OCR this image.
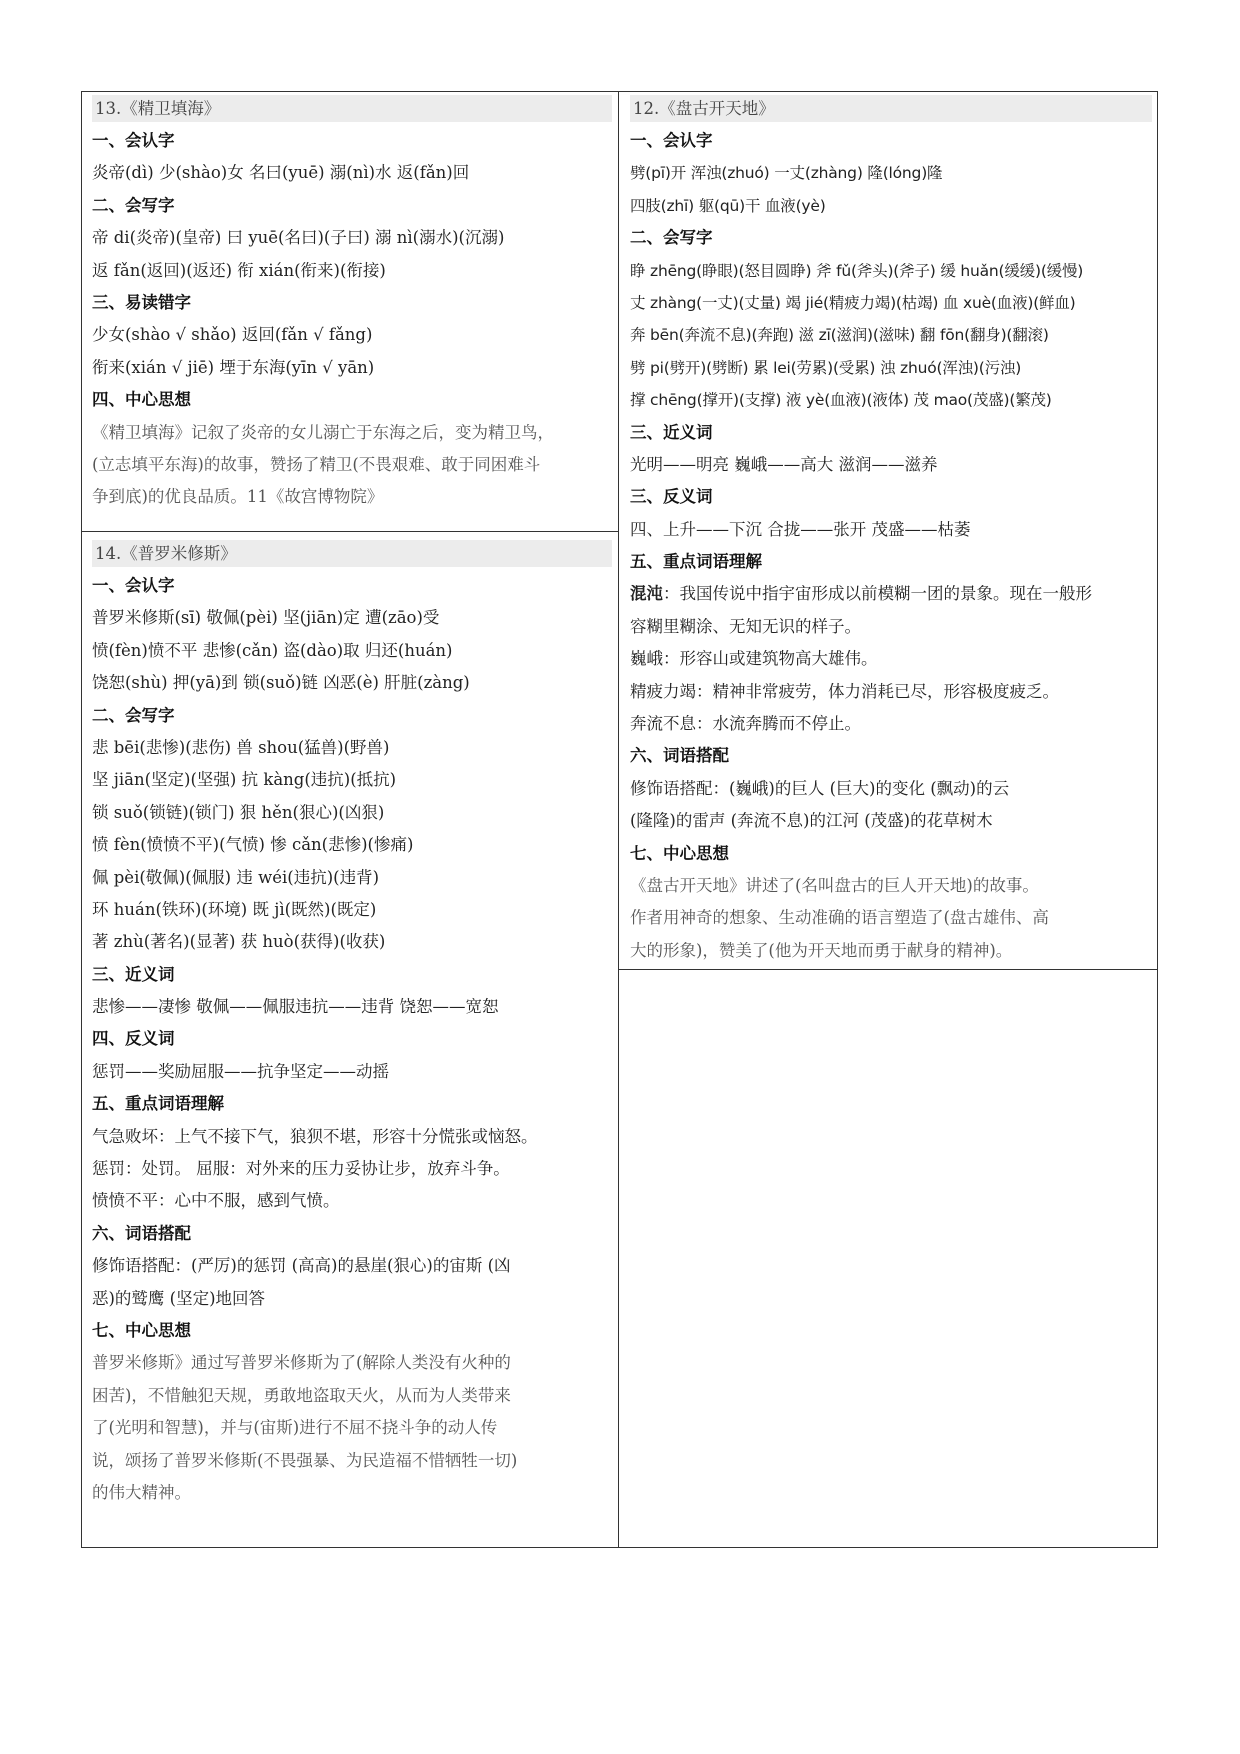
13.《精卫填海》
一、会认字
炎帝(dì) 少(shào)女 名曰(yuē) 溺(nì)水 返(fǎn)回
二、会写字
帝 di(炎帝)(皇帝) 曰 yuē(名曰)(子曰) 溺 nì(溺水)(沉溺)
返 fǎn(返回)(返还) 衔 xián(衔来)(衔接)
三、易读错字
少女(shào √ shǎo) 返回(fǎn √ fǎng)
衔来(xián √ jiē) 堙于东海(yīn √ yān)
四、中心思想
《精卫填海》记叙了炎帝的女儿溺亡于东海之后，变为精卫鸟，
(立志填平东海)的故事，赞扬了精卫(不畏艰难、敢于同困难斗
争到底)的优良品质。11《故宫博物院》
14.《普罗米修斯》
一、会认字
普罗米修斯(sī) 敬佩(pèi) 坚(jiān)定 遭(zāo)受
愤(fèn)愤不平 悲惨(cǎn) 盗(dào)取 归还(huán)
饶恕(shù) 押(yā)到 锁(suǒ)链 凶恶(è) 肝脏(zàng)
二、会写字
悲 bēi(悲惨)(悲伤) 兽 shou(猛兽)(野兽)
坚 jiān(坚定)(坚强) 抗 kàng(违抗)(抵抗)
锁 suǒ(锁链)(锁门) 狠 hěn(狠心)(凶狠)
愤 fèn(愤愤不平)(气愤) 惨 cǎn(悲惨)(惨痛)
佩 pèi(敬佩)(佩服) 违 wéi(违抗)(违背)
环 huán(铁环)(环境) 既 jì(既然)(既定)
著 zhù(著名)(显著) 获 huò(获得)(收获)
三、近义词
悲惨——凄惨 敬佩——佩服违抗——违背 饶恕——宽恕
四、反义词
惩罚——奖励屈服——抗争坚定——动摇
五、重点词语理解
气急败坏：上气不接下气，狼狈不堪，形容十分慌张或恼怒。
惩罚：处罚。 屈服：对外来的压力妥协让步，放弃斗争。
愤愤不平：心中不服，感到气愤。
六、词语搭配
修饰语搭配：(严厉)的惩罚 (高高)的悬崖(狠心)的宙斯 (凶
恶)的鹫鹰 (坚定)地回答
七、中心思想
普罗米修斯》通过写普罗米修斯为了(解除人类没有火种的
困苦)，不惜触犯天规，勇敢地盗取天火，从而为人类带来
了(光明和智慧)，并与(宙斯)进行不屈不挠斗争的动人传
说，颂扬了普罗米修斯(不畏强暴、为民造福不惜牺牲一切)
的伟大精神。
12.《盘古开天地》
一、会认字
劈(pī)开 浑浊(zhuó) 一丈(zhàng) 隆(lóng)隆
四肢(zhī) 躯(qū)干 血液(yè)
二、会写字
睁 zhēng(睁眼)(怒目圆睁) 斧 fǔ(斧头)(斧子) 缓 huǎn(缓缓)(缓慢)
丈 zhàng(一丈)(丈量) 竭 jié(精疲力竭)(枯竭) 血 xuè(血液)(鲜血)
奔 bēn(奔流不息)(奔跑) 滋 zī(滋润)(滋味) 翻 fōn(翻身)(翻滚)
劈 pi(劈开)(劈断) 累 lei(劳累)(受累) 浊 zhuó(浑浊)(污浊)
撑 chēng(撑开)(支撑) 液 yè(血液)(液体) 茂 mao(茂盛)(繁茂)
三、近义词
光明——明亮 巍峨——高大 滋润——滋养
三、反义词
四、上升——下沉 合拢——张开 茂盛——枯萎
五、重点词语理解
混沌：我国传说中指宇宙形成以前模糊一团的景象。现在一般形
容糊里糊涂、无知无识的样子。
巍峨：形容山或建筑物高大雄伟。
精疲力竭：精神非常疲劳，体力消耗已尽，形容极度疲乏。
奔流不息：水流奔腾而不停止。
六、词语搭配
修饰语搭配：(巍峨)的巨人 (巨大)的变化 (飘动)的云
(隆隆)的雷声 (奔流不息)的江河 (茂盛)的花草树木
七、中心思想
《盘古开天地》讲述了(名叫盘古的巨人开天地)的故事。
作者用神奇的想象、生动准确的语言塑造了(盘古雄伟、高
大的形象)，赞美了(他为开天地而勇于献身的精神)。
